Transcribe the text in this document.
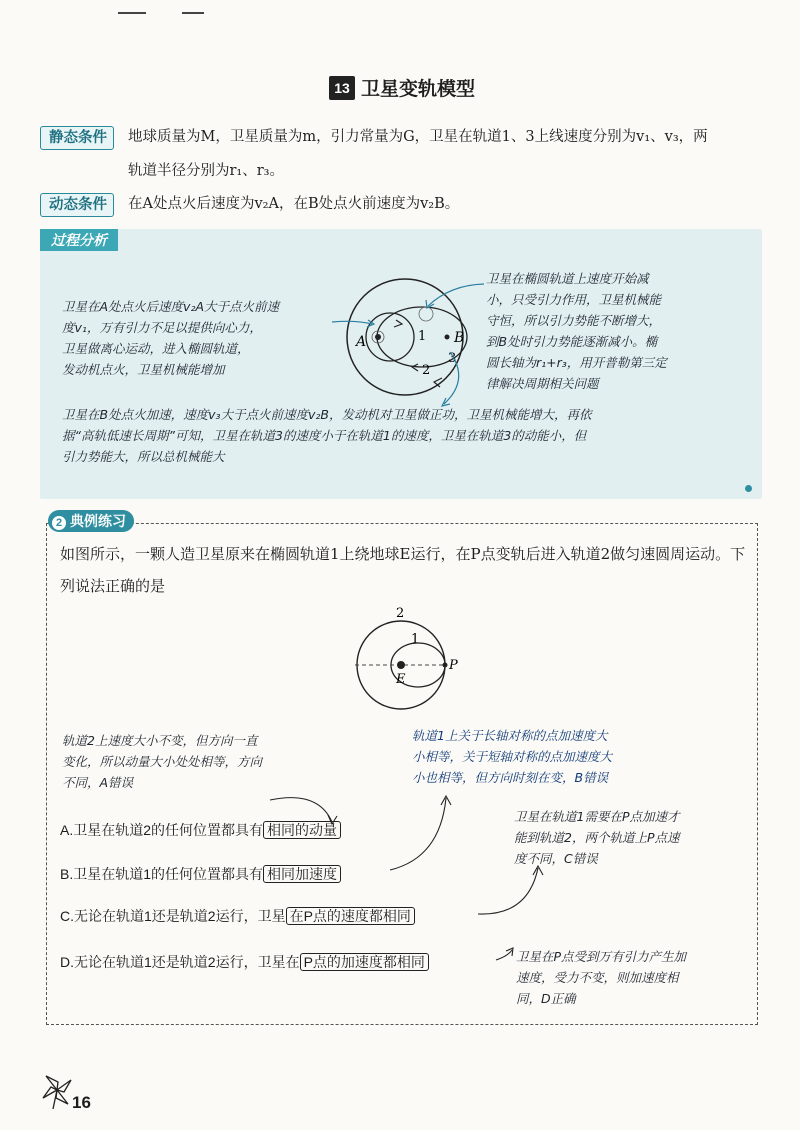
13 卫星变轨模型
静态条件	地球质量为M，卫星质量为m，引力常量为G，卫星在轨道1、3上线速度分别为v₁、v₃，两
轨道半径分别为r₁、r₃。
动态条件	在A处点火后速度为v₂A，在B处点火前速度为v₂B。
过程分析
卫星在A处点火后速度v₂A大于点火前速
度v₁，万有引力不足以提供向心力，
卫星做离心运动，进入椭圆轨道，
发动机点火，卫星机械能增加
卫星在椭圆轨道上速度开始减
小，只受引力作用，卫星机械能
守恒，所以引力势能不断增大，
到B处时引力势能逐渐减小。椭
圆长轴为r₁+r₃，用开普勒第三定
律解决周期相关问题
卫星在B处点火加速，速度v₃大于点火前速度v₂B，发动机对卫星做正功，卫星机械能增大，再依
据“高轨低速长周期”可知，卫星在轨道3的速度小于在轨道1的速度，卫星在轨道3的动能小，但
引力势能大，所以总机械能大
A	B
1
2
3
2 典例练习
如图所示，一颗人造卫星原来在椭圆轨道1上绕地球E运行，在P点变轨后进入轨道2做匀速圆周运动。下列说法正确的是
2
1
E
P
轨道2上速度大小不变，但方向一直
变化，所以动量大小处处相等，方向
不同，A错误
轨道1上关于长轴对称的点加速度大
小相等，关于短轴对称的点加速度大
小也相等，但方向时刻在变，B错误
卫星在轨道1需要在P点加速才
能到轨道2，两个轨道上P点速
度不同，C错误
卫星在P点受到万有引力产生加
速度，受力不变，则加速度相
同，D正确
A.卫星在轨道2的任何位置都具有 相同的动量
B.卫星在轨道1的任何位置都具有 相同加速度
C.无论在轨道1还是轨道2运行，卫星 在P点的速度都相同
D.无论在轨道1还是轨道2运行，卫星在 P点的加速度都相同
16
